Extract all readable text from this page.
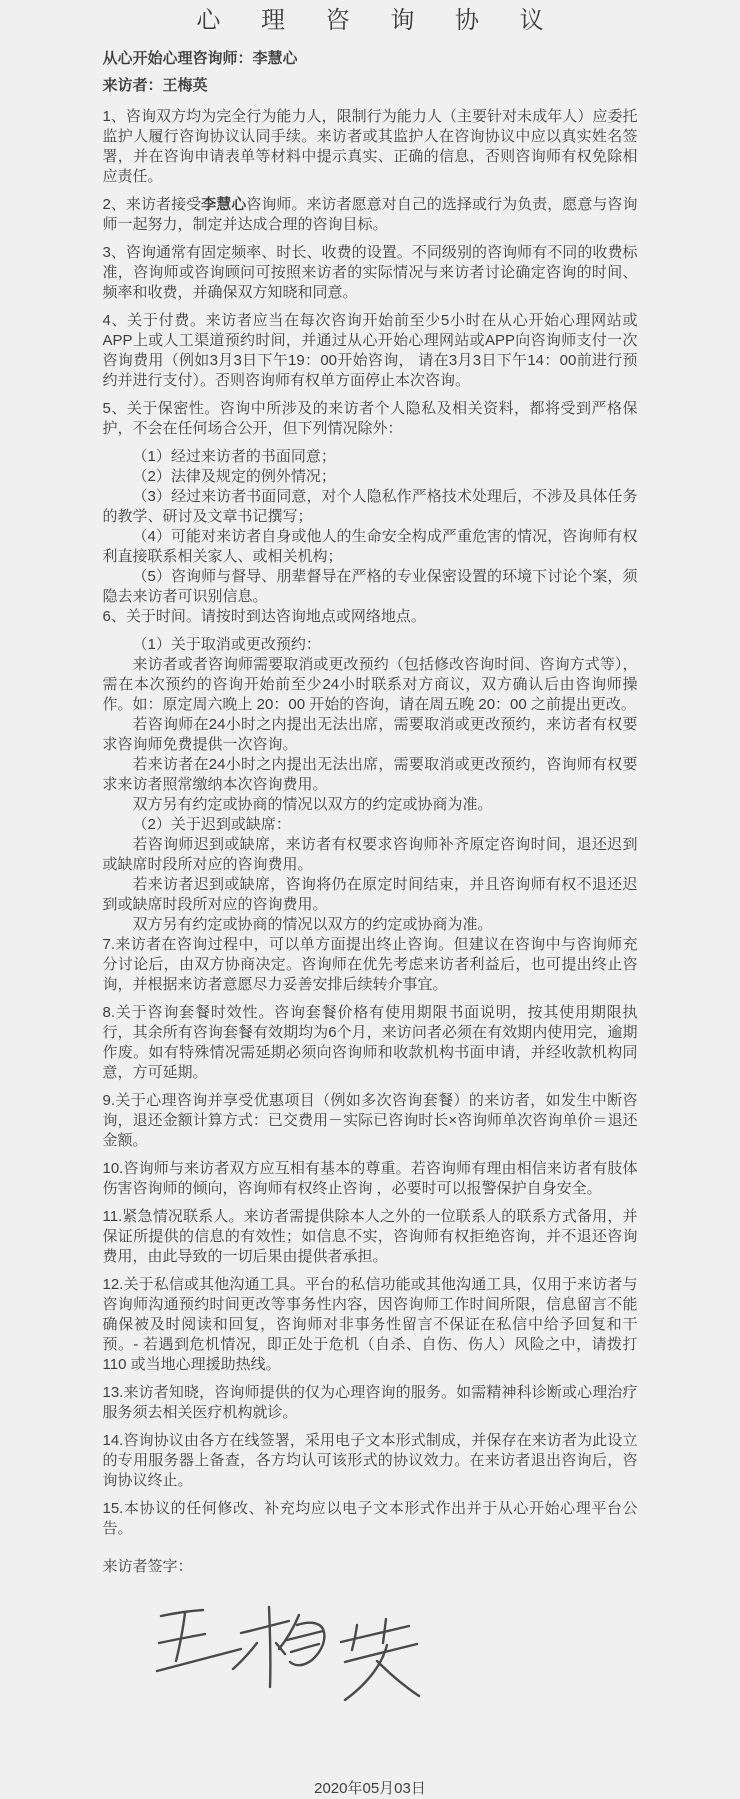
心 理 咨 询 协 议

从心开始心理咨询师：李慧心

来访者：王梅英

1、咨询双方均为完全行为能力人，限制行为能力人（主要针对未成年人）应委托监护人履行咨询协议认同手续。来访者或其监护人在咨询协议中应以真实姓名签署，并在咨询申请表单等材料中提示真实、正确的信息，否则咨询师有权免除相应责任。

2、来访者接受李慧心咨询师。来访者愿意对自己的选择或行为负责，愿意与咨询师一起努力，制定并达成合理的咨询目标。

3、咨询通常有固定频率、时长、收费的设置。不同级别的咨询师有不同的收费标准，咨询师或咨询顾问可按照来访者的实际情况与来访者讨论确定咨询的时间、频率和收费，并确保双方知晓和同意。

4、关于付费。来访者应当在每次咨询开始前至少5小时在从心开始心理网站或APP上或人工渠道预约时间，并通过从心开始心理网站或APP向咨询师支付一次咨询费用（例如3月3日下午19：00开始咨询， 请在3月3日下午14：00前进行预约并进行支付）。否则咨询师有权单方面停止本次咨询。

5、关于保密性。咨询中所涉及的来访者个人隐私及相关资料，都将受到严格保护，不会在任何场合公开，但下列情况除外：

（1）经过来访者的书面同意；

（2）法律及规定的例外情况；

（3）经过来访者书面同意，对个人隐私作严格技术处理后，不涉及具体任务的教学、研讨及文章书记撰写；

（4）可能对来访者自身或他人的生命安全构成严重危害的情况，咨询师有权利直接联系相关家人、或相关机构；

（5）咨询师与督导、朋辈督导在严格的专业保密设置的环境下讨论个案，须隐去来访者可识别信息。

6、关于时间。请按时到达咨询地点或网络地点。

（1）关于取消或更改预约：

来访者或者咨询师需要取消或更改预约（包括修改咨询时间、咨询方式等），需在本次预约的咨询开始前至少24小时联系对方商议，双方确认后由咨询师操作。如：原定周六晚上 20：00 开始的咨询，请在周五晚 20：00 之前提出更改。

若咨询师在24小时之内提出无法出席，需要取消或更改预约，来访者有权要求咨询师免费提供一次咨询。

若来访者在24小时之内提出无法出席，需要取消或更改预约，咨询师有权要求来访者照常缴纳本次咨询费用。

双方另有约定或协商的情况以双方的约定或协商为准。

（2）关于迟到或缺席：

若咨询师迟到或缺席，来访者有权要求咨询师补齐原定咨询时间，退还迟到或缺席时段所对应的咨询费用。

若来访者迟到或缺席，咨询将仍在原定时间结束，并且咨询师有权不退还迟到或缺席时段所对应的咨询费用。

双方另有约定或协商的情况以双方的约定或协商为准。

7.来访者在咨询过程中，可以单方面提出终止咨询。但建议在咨询中与咨询师充分讨论后，由双方协商决定。咨询师在优先考虑来访者利益后，也可提出终止咨询，并根据来访者意愿尽力妥善安排后续转介事宜。

8.关于咨询套餐时效性。咨询套餐价格有使用期限书面说明，按其使用期限执行，其余所有咨询套餐有效期均为6个月，来访问者必须在有效期内使用完，逾期作废。如有特殊情况需延期必须向咨询师和收款机构书面申请，并经收款机构同意，方可延期。

9.关于心理咨询并享受优惠项目（例如多次咨询套餐）的来访者，如发生中断咨询，退还金额计算方式：已交费用－实际已咨询时长×咨询师单次咨询单价＝退还金额。

10.咨询师与来访者双方应互相有基本的尊重。若咨询师有理由相信来访者有肢体伤害咨询师的倾向，咨询师有权终止咨询 ，必要时可以报警保护自身安全。

11.紧急情况联系人。来访者需提供除本人之外的一位联系人的联系方式备用，并保证所提供的信息的有效性；如信息不实，咨询师有权拒绝咨询，并不退还咨询费用，由此导致的一切后果由提供者承担。

12.关于私信或其他沟通工具。平台的私信功能或其他沟通工具，仅用于来访者与咨询师沟通预约时间更改等事务性内容，因咨询师工作时间所限，信息留言不能确保被及时阅读和回复，咨询师对非事务性留言不保证在私信中给予回复和干预。- 若遇到危机情况，即正处于危机（自杀、自伤、伤人）风险之中，请拨打 110 或当地心理援助热线。

13.来访者知晓，咨询师提供的仅为心理咨询的服务。如需精神科诊断或心理治疗服务须去相关医疗机构就诊。

14.咨询协议由各方在线签署，采用电子文本形式制成，并保存在来访者为此设立的专用服务器上备查，各方均认可该形式的协议效力。在来访者退出咨询后，咨询协议终止。

15.本协议的任何修改、补充均应以电子文本形式作出并于从心开始心理平台公告。

来访者签字：

2020年05月03日
